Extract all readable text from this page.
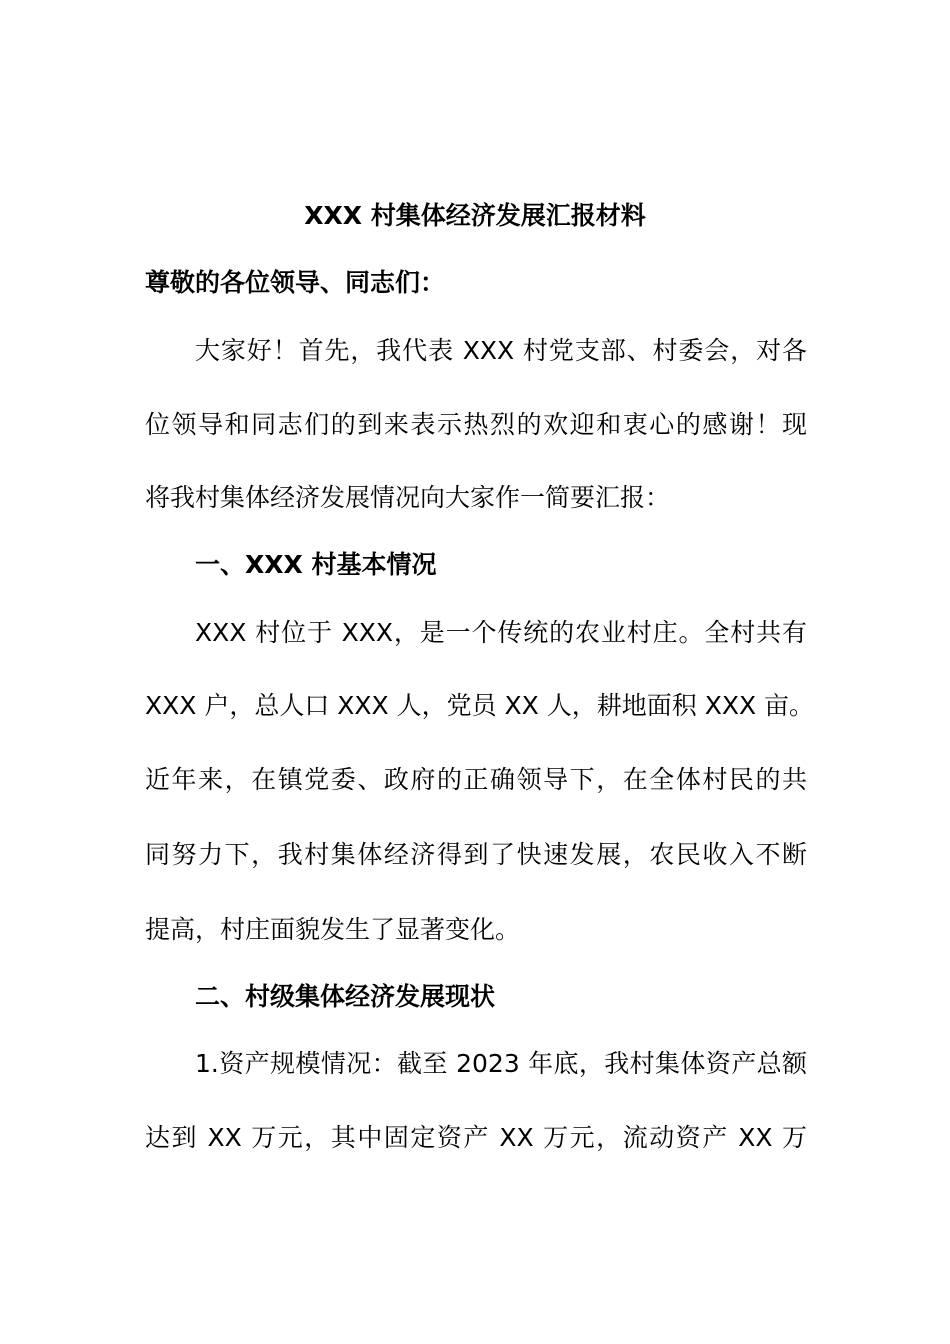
XXX 村集体经济发展汇报材料
尊敬的各位领导、同志们：
大家好！首先，我代表 XXX 村党支部、村委会，对各
位领导和同志们的到来表示热烈的欢迎和衷心的感谢！现
将我村集体经济发展情况向大家作一简要汇报：
一、XXX 村基本情况
XXX 村位于 XXX，是一个传统的农业村庄。全村共有
XXX 户，总人口 XXX 人，党员 XX 人，耕地面积 XXX 亩。
近年来，在镇党委、政府的正确领导下，在全体村民的共
同努力下，我村集体经济得到了快速发展，农民收入不断
提高，村庄面貌发生了显著变化。
二、村级集体经济发展现状
1.资产规模情况：截至 2023 年底，我村集体资产总额
达到 XX 万元，其中固定资产 XX 万元，流动资产 XX 万
